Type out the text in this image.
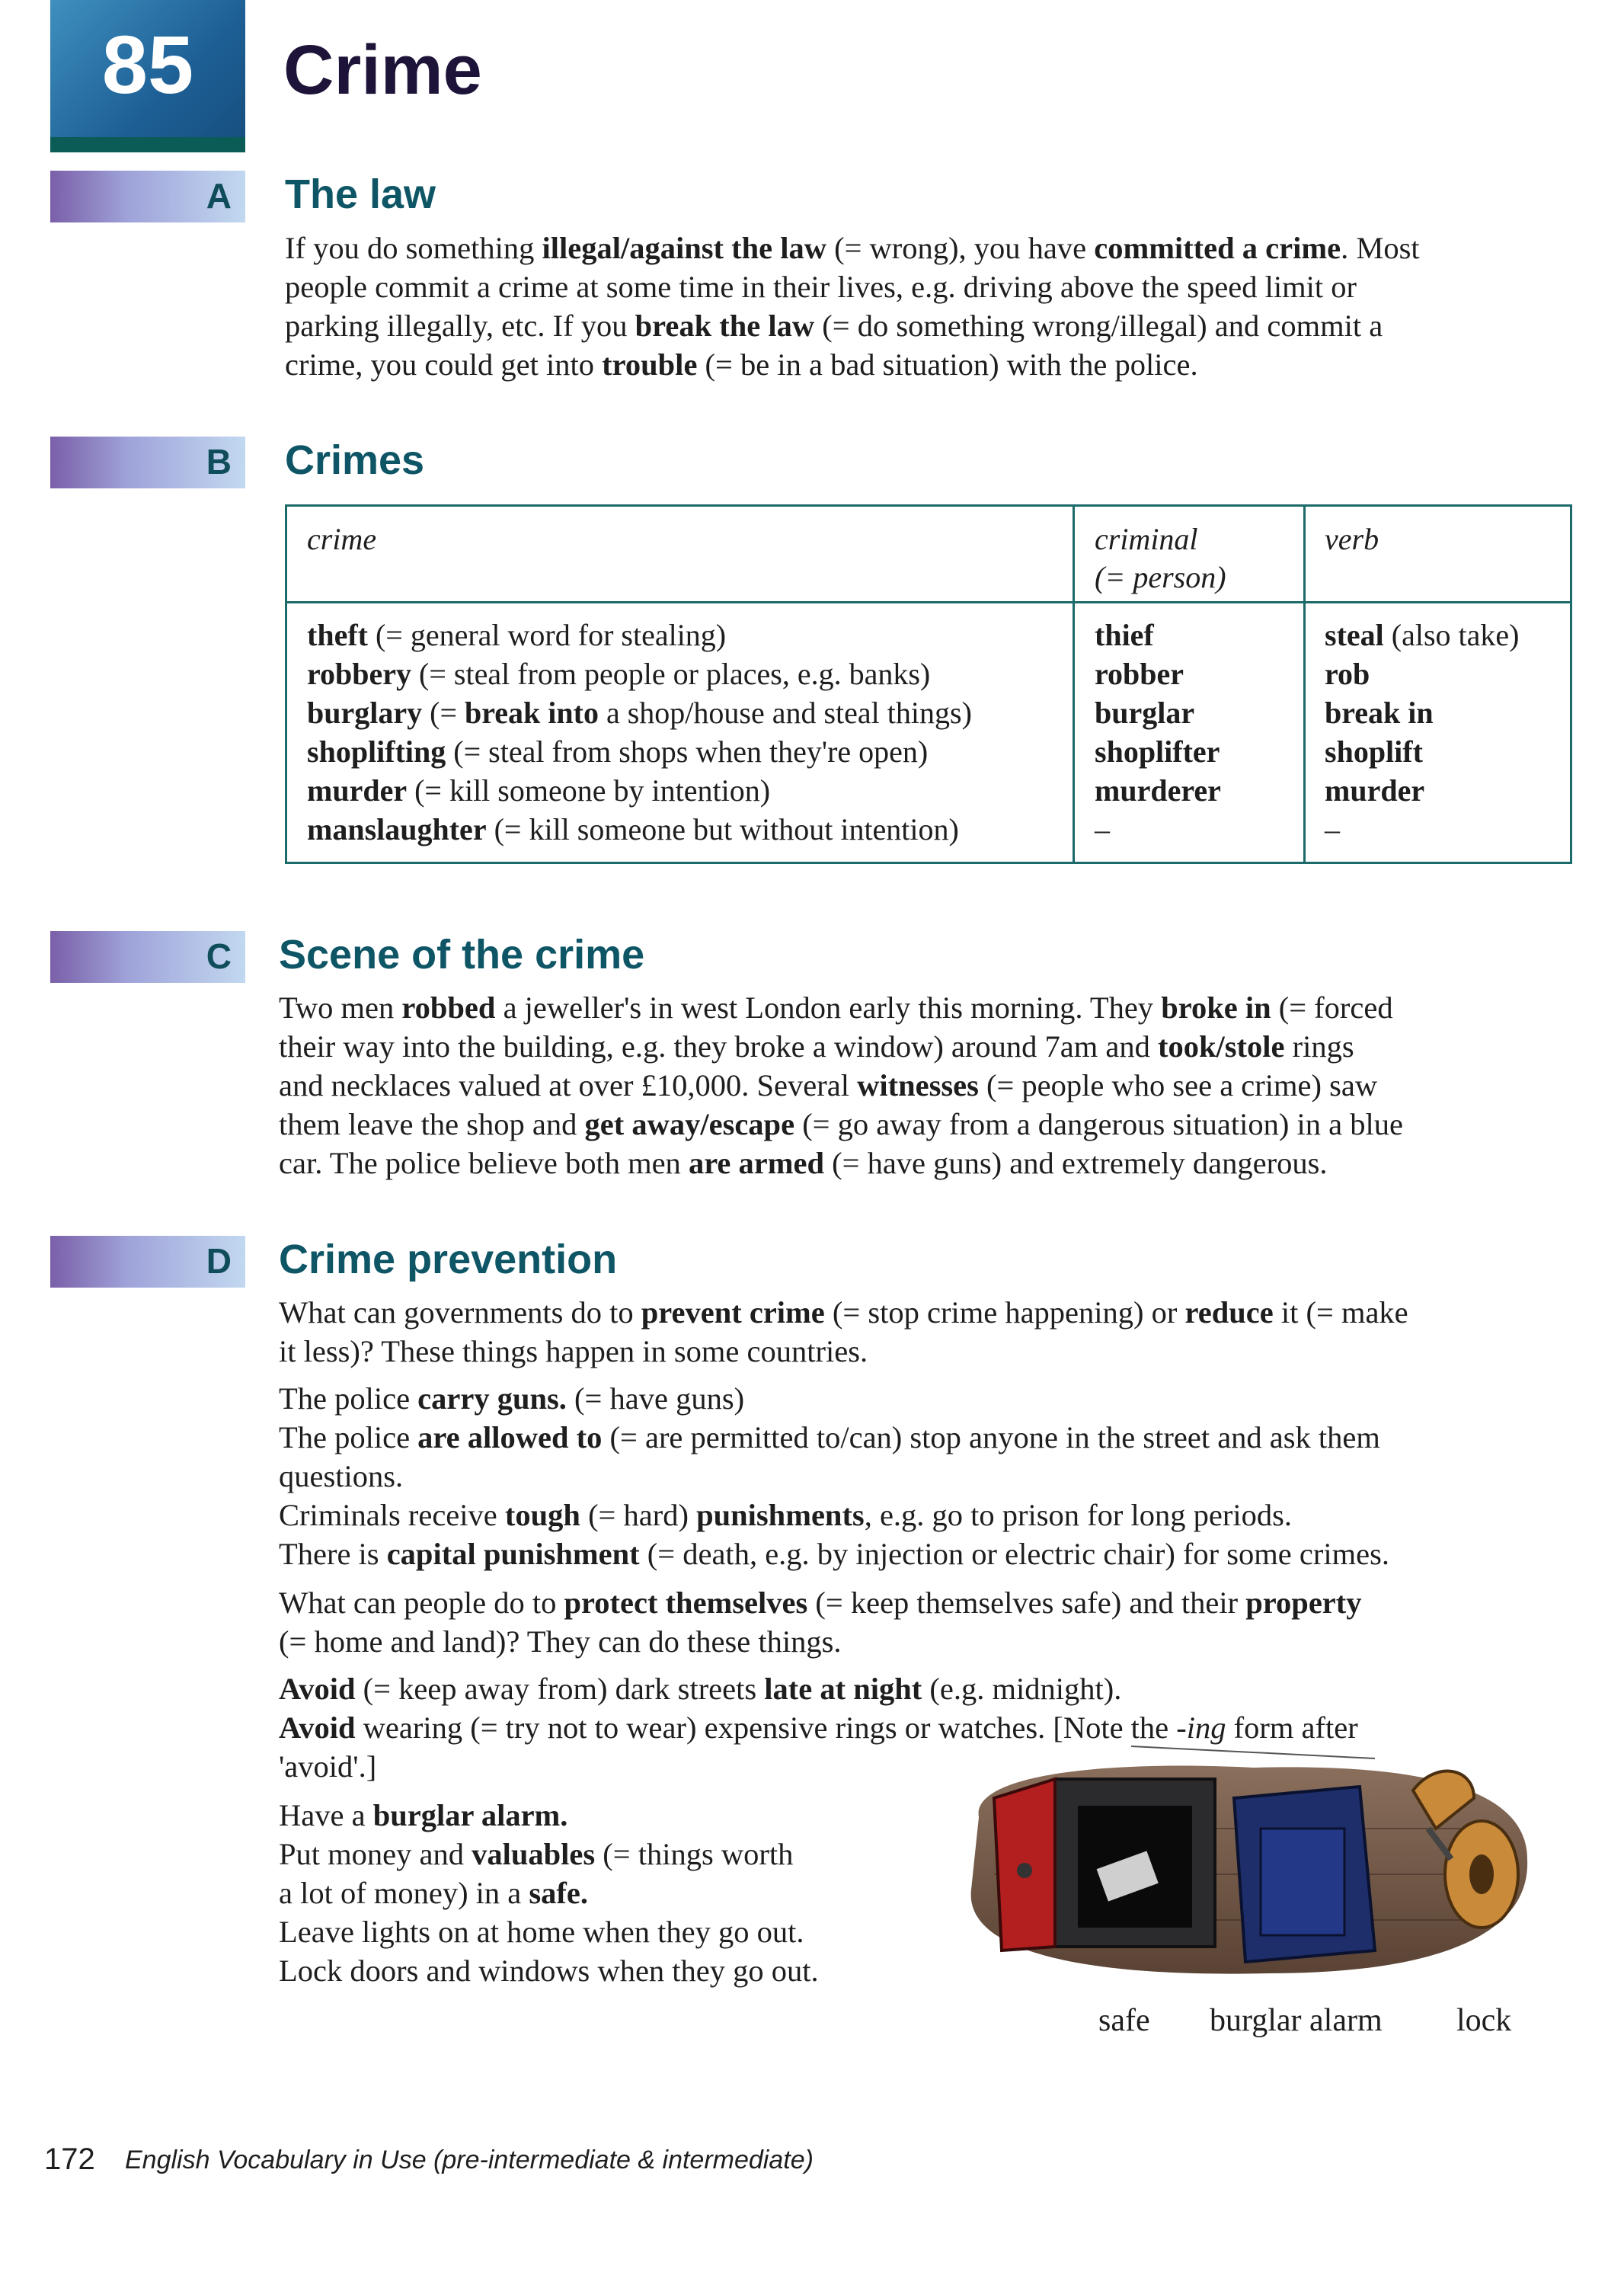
85	Crime
A The law
If you do something illegal/against the law (= wrong), you have committed a crime. Most
people commit a crime at some time in their lives, e.g. driving above the speed limit or
parking illegally, etc. If you break the law (= do something wrong/illegal) and commit a
crime, you could get into trouble (= be in a bad situation) with the police.
B Crimes
crime	criminal
(= person)
verb
theft (= general word for stealing)
robbery (= steal from people or places, e.g. banks)
burglary (= break into a shop/house and steal things)
shoplifting (= steal from shops when they're open)
murder (= kill someone by intention)
manslaughter (= kill someone but without intention)
thief
robber
burglar
shoplifter
murderer
–
steal (also take)
rob
break in
shoplift
murder
–
C Scene of the crime
Two men robbed a jeweller's in west London early this morning. They broke in (= forced
their way into the building, e.g. they broke a window) around 7am and took/stole rings
and necklaces valued at over £10,000. Several witnesses (= people who see a crime) saw
them leave the shop and get away/escape (= go away from a dangerous situation) in a blue
car. The police believe both men are armed (= have guns) and extremely dangerous.
D Crime prevention
What can governments do to prevent crime (= stop crime happening) or reduce it (= make
it less)? These things happen in some countries.
The police carry guns. (= have guns)
The police are allowed to (= are permitted to/can) stop anyone in the street and ask them
questions.
Criminals receive tough (= hard) punishments, e.g. go to prison for long periods.
There is capital punishment (= death, e.g. by injection or electric chair) for some crimes.
What can people do to protect themselves (= keep themselves safe) and their property
(= home and land)? They can do these things.
Avoid (= keep away from) dark streets late at night (e.g. midnight).
Avoid wearing (= try not to wear) expensive rings or watches. [Note the -ing form after
'avoid'.]
Have a burglar alarm.
Put money and valuables (= things worth
a lot of money) in a safe.
Leave lights on at home when they go out.
Lock doors and windows when they go out.
safe burglar alarm lock
172 English Vocabulary in Use (pre-intermediate & intermediate)
